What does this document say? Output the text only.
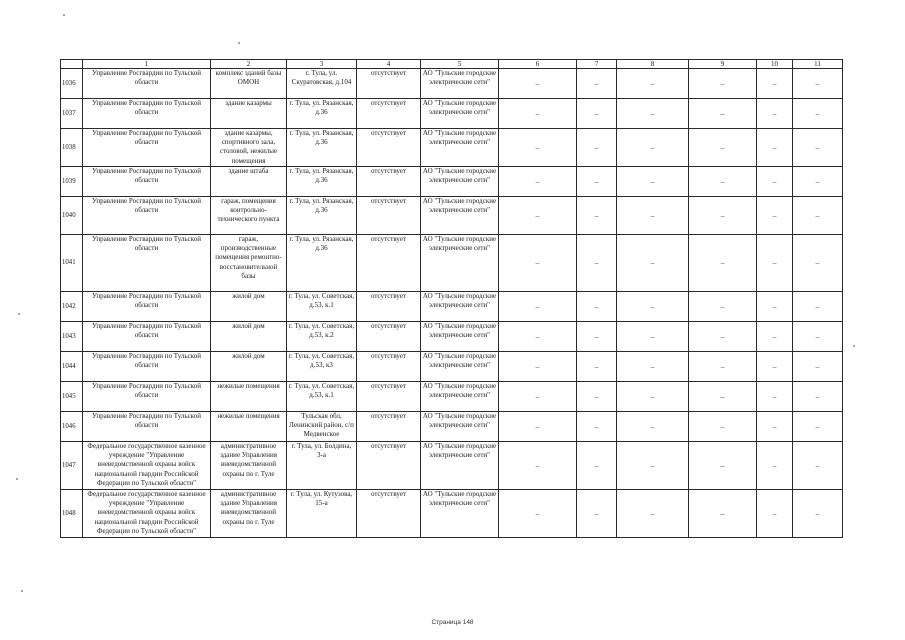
	1	2	3	4	5	6	7	8	9	10	11
1036	Управление Росгвардии по Тульской области	комплекс зданий базы ОМОН	г. Тула, ул. Скуратовская, д.104	отсутствует	АО "Тульские городские электрические сети"	–	–	–	–	–	–
1037	Управление Росгвардии по Тульской области	здание казармы	г. Тула, ул. Рязанская, д.36	отсутствует	АО "Тульские городские электрические сети"	–	–	–	–	–	–
1038	Управление Росгвардии по Тульской области	здание казармы, спортивного зала, столовой, нежилые помещения	г. Тула, ул. Рязанская, д.36	отсутствует	АО "Тульские городские электрические сети"	–	–	–	–	–	–
1039	Управление Росгвардии по Тульской области	здание штаба	г. Тула, ул. Рязанская, д.36	отсутствует	АО "Тульские городские электрические сети"	–	–	–	–	–	–
1040	Управление Росгвардии по Тульской области	гараж, помещения контрольно-технического пункта	г. Тула, ул. Рязанская, д.36	отсутствует	АО "Тульские городские электрические сети"	–	–	–	–	–	–
1041	Управление Росгвардии по Тульской области	гараж, производственные помещения ремонтно-восстановительной базы	г. Тула, ул. Рязанская, д.36	отсутствует	АО "Тульские городские электрические сети"	–	–	–	–	–	–
1042	Управление Росгвардии по Тульской области	жилой дом	г. Тула, ул. Советская, д.53, к.1	отсутствует	АО "Тульские городские электрические сети"	–	–	–	–	–	–
1043	Управление Росгвардии по Тульской области	жилой дом	г. Тула, ул. Советская, д.53, к.2	отсутствует	АО "Тульские городские электрические сети"	–	–	–	–	–	–
1044	Управление Росгвардии по Тульской области	жилой дом	г. Тула, ул. Советская, д.53, к3	отсутствует	АО "Тульские городские электрические сети"	–	–	–	–	–	–
1045	Управление Росгвардии по Тульской области	нежилые помещения	г. Тула, ул. Советская, д.53, к.1	отсутствует	АО "Тульские городские электрические сети"	–	–	–	–	–	–
1046	Управление Росгвардии по Тульской области	нежилые помещения	Тульская обл, Ленинский район, с/п Медвенское	отсутствует	АО "Тульские городские электрические сети"	–	–	–	–	–	–
1047	Федеральное государственное казенное учреждение "Управление вневедомственной охраны войск национальной гвардии Российской Федерации по Тульской области"	административное здание Управления вневедомственной охраны по г. Туле	г. Тула, ул. Болдина, 3-а	отсутствует	АО "Тульские городские электрические сети"	–	–	–	–	–	–
1048	Федеральное государственное казенное учреждение "Управление вневедомственной охраны войск национальной гвардии Российской Федерации по Тульской области"	административное здание Управления вневедомственной охраны по г. Туле	г. Тула, ул. Кутузова, 15-а	отсутствует	АО "Тульские городские электрические сети"	–	–	–	–	–	–
Страница 148
